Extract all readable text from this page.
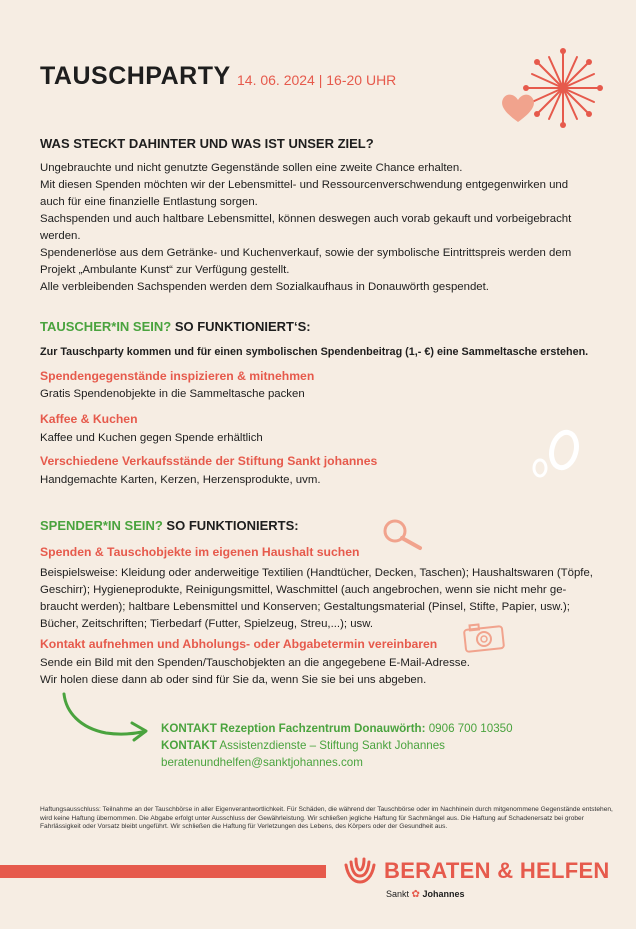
TAUSCHPARTY 14. 06. 2024 | 16-20 UHR
WAS STECKT DAHINTER UND WAS IST UNSER ZIEL?

Ungebrauchte und nicht genutzte Gegenstände sollen eine zweite Chance erhalten.

Mit diesen Spenden möchten wir der Lebensmittel- und Ressourcenverschwendung entgegenwirken und

auch für eine finanzielle Entlastung sorgen.

Sachspenden und auch haltbare Lebensmittel, können deswegen auch vorab gekauft und vorbeigebracht

werden.

Spendenerlöse aus dem Getränke- und Kuchenverkauf, sowie der symbolische Eintrittspreis werden dem

Projekt „Ambulante Kunst“ zur Verfügung gestellt.

Alle verbleibenden Sachspenden werden dem Sozialkaufhaus in Donauwörth gespendet.

TAUSCHER*IN SEIN? SO FUNKTIONIERT‘S:
Zur Tauschparty kommen und für einen symbolischen Spendenbeitrag (1,- €) eine Sammeltasche erstehen.
Spendengegenstände inspizieren & mitnehmen
Gratis Spendenobjekte in die Sammeltasche packen
Kaffee & Kuchen
Kaffee und Kuchen gegen Spende erhältlich
Verschiedene Verkaufsstände der Stiftung Sankt johannes
Handgemachte Karten, Kerzen, Herzensprodukte, uvm.
SPENDER*IN SEIN? SO FUNKTIONIERTS:
Spenden & Tauschobjekte im eigenen Haushalt suchen

Beispielsweise: Kleidung oder anderweitige Textilien (Handtücher, Decken, Taschen); Haushaltswaren (Töpfe,

Geschirr); Hygieneprodukte, Reinigungsmittel, Waschmittel (auch angebrochen, wenn sie nicht mehr ge-

braucht werden); haltbare Lebensmittel und Konserven; Gestaltungsmaterial (Pinsel, Stifte, Papier, usw.);

Bücher, Zeitschriften; Tierbedarf (Futter, Spielzeug, Streu,...); usw.

Kontakt aufnehmen und Abholungs- oder Abgabetermin vereinbaren

Sende ein Bild mit den Spenden/Tauschobjekten an die angegebene E-Mail-Adresse.

Wir holen diese dann ab oder sind für Sie da, wenn Sie sie bei uns abgeben.

KONTAKT Rezeption Fachzentrum Donauwörth: 0906 700 10350

KONTAKT Assistenzdienste – Stiftung Sankt Johannes

beratenundhelfen@sanktjohannes.com

Haftungsausschluss: Teilnahme an der Tauschbörse in aller Eigenverantwortlichkeit. Für Schäden, die während der Tauschbörse oder im Nachhinein durch mitgenommene Gegenstände entstehen, wird keine Haftung übernommen. Die Abgabe erfolgt unter Ausschluss der Gewährleistung. Wir schließen jegliche Haftung für Sachmängel aus. Die Haftung auf Schadenersatz bei grober Fahrlässigkeit oder Vorsatz bleibt ungeführt. Wir schließen die Haftung für Verletzungen des Lebens, des Körpers oder der Gesundheit aus.
BERATEN & HELFEN
Sankt ✿ Johannes
